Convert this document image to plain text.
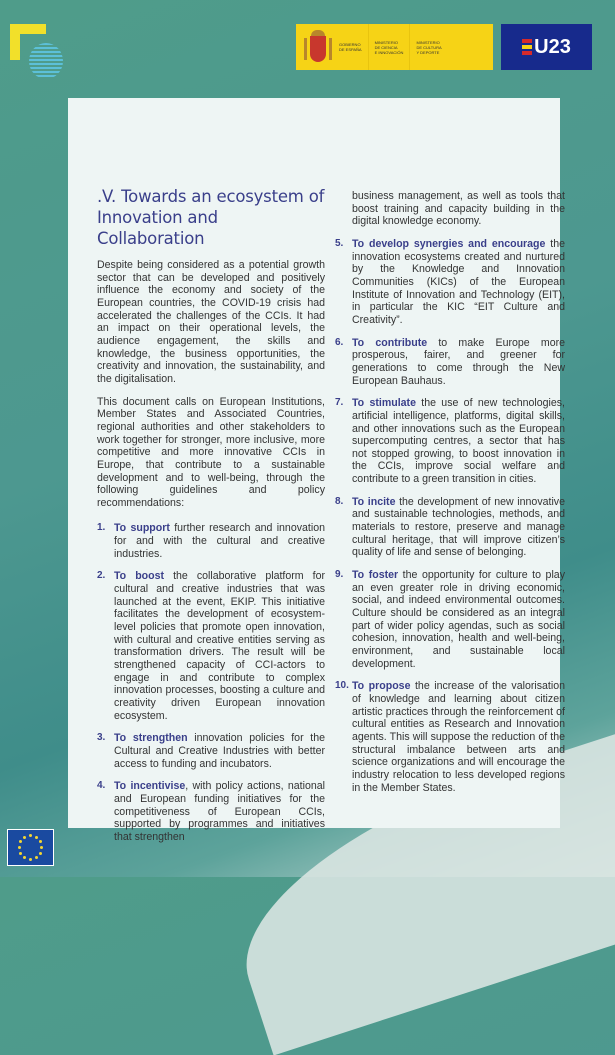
GOBIERNO
DE ESPAÑA
MINISTERIO
DE CIENCIA
E INNOVACIÓN
MINISTERIO
DE CULTURA
Y DEPORTE	U23
.V. Towards an ecosystem of Innovation and Collaboration

Despite being considered as a potential growth sector that can be developed and positively influence the economy and society of the European countries, the COVID-19 crisis had accelerated the challenges of the CCIs. It had an impact on their operational levels, the audience engagement, the skills and knowledge, the business opportunities, the creativity and innovation, the sustainability, and the digitalisation.

This document calls on European Institutions, Member States and Associated Countries, regional authorities and other stakeholders to work together for stronger, more inclusive, more competitive and more innovative CCIs in Europe, that contribute to a sustainable development and to well-being, through the following guidelines and policy recommendations:

1. To support further research and innovation for and with the cultural and creative industries.
2. To boost the collaborative platform for cultural and creative industries that was launched at the event, EKIP. This initiative facilitates the development of ecosystem-level policies that promote open innovation, with cultural and creative entities serving as transformation drivers. The result will be strengthened capacity of CCI-actors to engage in and contribute to complex innovation processes, boosting a culture and creativity driven European innovation ecosystem.
3. To strengthen innovation policies for the Cultural and Creative Industries with better access to funding and incubators.
4. To incentivise, with policy actions, national and European funding initiatives for the competitiveness of European CCIs, supported by programmes and initiatives that strengthen

business management, as well as tools that boost training and capacity building in the digital knowledge economy.

5. To develop synergies and encourage the innovation ecosystems created and nurtured by the Knowledge and Innovation Communities (KICs) of the European Institute of Innovation and Technology (EIT), in particular the KIC “EIT Culture and Creativity”.
6. To contribute to make Europe more prosperous, fairer, and greener for generations to come through the New European Bauhaus.
7. To stimulate the use of new technologies, artificial intelligence, platforms, digital skills, and other innovations such as the European supercomputing centres, a sector that has not stopped growing, to boost innovation in the CCIs, improve social welfare and contribute to a green transition in cities.
8. To incite the development of new innovative and sustainable technologies, methods, and materials to restore, preserve and manage cultural heritage, that will improve citizen’s quality of life and sense of belonging.
9. To foster the opportunity for culture to play an even greater role in driving economic, social, and indeed environmental outcomes. Culture should be considered as an integral part of wider policy agendas, such as social cohesion, innovation, health and well-being, environment, and sustainable local development.
10. To propose the increase of the valorisation of knowledge and learning about citizen artistic practices through the reinforcement of cultural entities as Research and Innovation agents. This will suppose the reduction of the structural imbalance between arts and science organizations and will encourage the industry relocation to less developed regions in the Member States.
